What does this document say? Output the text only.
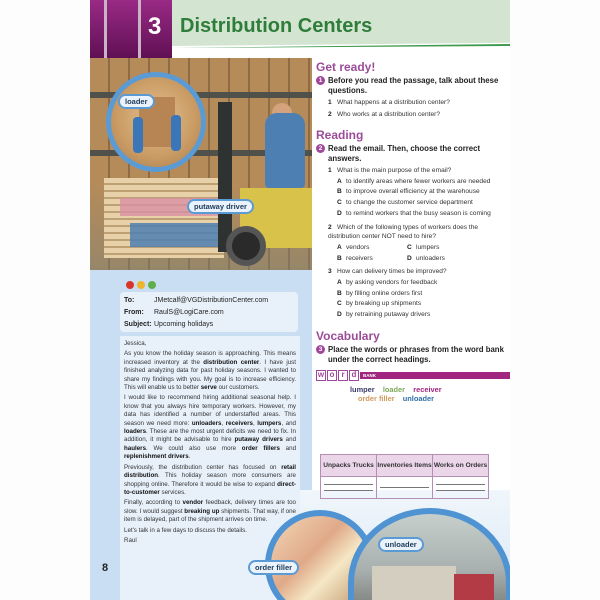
3 Distribution Centers
loader
putaway driver
To:	JMetcalf@VGDistributionCenter.com
From:	RaulS@LogiCare.com
Subject: Upcoming holidays

Jessica,

As you know the holiday season is approaching. This means increased inventory at the distribution center. I have just finished analyzing data for past holiday seasons. I wanted to share my findings with you. My goal is to increase efficiency. This will enable us to better serve our customers.

I would like to recommend hiring additional seasonal help. I know that you always hire temporary workers. However, my data has identified a number of understaffed areas. This season we need more: unloaders, receivers, lumpers, and loaders. These are the most urgent deficits we need to fix. In addition, it might be advisable to hire putaway drivers and haulers. We could also use more order fillers and replenishment drivers.

Previously, the distribution center has focused on retail distribution. This holiday season more consumers are shopping online. Therefore it would be wise to expand direct-to-customer services.

Finally, according to vendor feedback, delivery times are too slow. I would suggest breaking up shipments. That way, if one item is delayed, part of the shipment arrives on time.

Let's talk in a few days to discuss the details.

Raul

8	order filler
unloader
Get ready!
1 Before you read the passage, talk about these questions.
1 What happens at a distribution center?
2 Who works at a distribution center?
Reading
2 Read the email. Then, choose the correct answers.
1 What is the main purpose of the email?
A to identify areas where fewer workers are needed
B to improve overall efficiency at the warehouse
C to change the customer service department
D to remind workers that the busy season is coming
2 Which of the following types of workers does the distribution center NOT need to hire?
A vendors	C lumpers
B receivers	D unloaders
3 How can delivery times be improved?
A by asking vendors for feedback
B by filling online orders first
C by breaking up shipments
D by retraining putaway drivers
Vocabulary
3 Place the words or phrases from the word bank under the correct headings.
w o r d	BANK
lumper loader receiver
order filler unloader
Unpacks Trucks	Inventories Items	Works on Orders
